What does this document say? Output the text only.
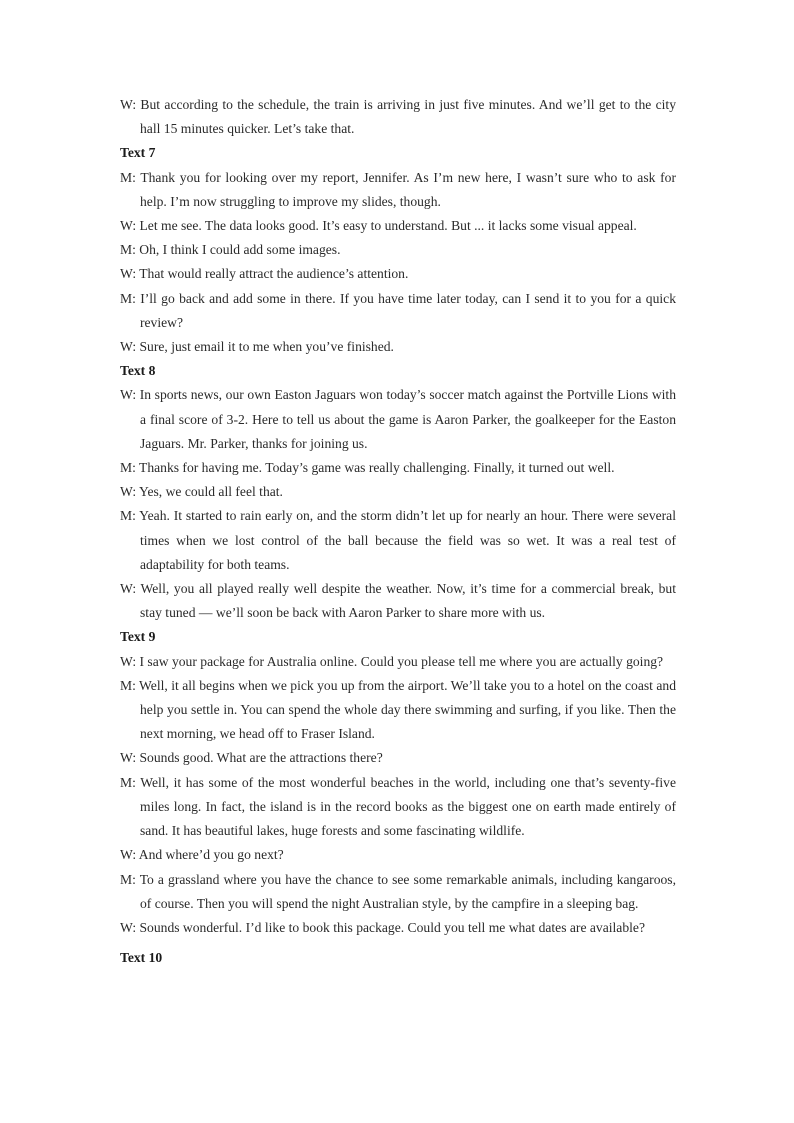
W: But according to the schedule, the train is arriving in just five minutes. And we’ll get to the city hall 15 minutes quicker. Let’s take that.

Text 7

M: Thank you for looking over my report, Jennifer. As I’m new here, I wasn’t sure who to ask for help. I’m now struggling to improve my slides, though.

W: Let me see. The data looks good. It’s easy to understand. But ... it lacks some visual appeal.

M: Oh, I think I could add some images.

W: That would really attract the audience’s attention.

M: I’ll go back and add some in there. If you have time later today, can I send it to you for a quick review?

W: Sure, just email it to me when you’ve finished.

Text 8

W: In sports news, our own Easton Jaguars won today’s soccer match against the Portville Lions with a final score of 3-2. Here to tell us about the game is Aaron Parker, the goalkeeper for the Easton Jaguars. Mr. Parker, thanks for joining us.

M: Thanks for having me. Today’s game was really challenging. Finally, it turned out well.

W: Yes, we could all feel that.

M: Yeah. It started to rain early on, and the storm didn’t let up for nearly an hour. There were several times when we lost control of the ball because the field was so wet. It was a real test of adaptability for both teams.

W: Well, you all played really well despite the weather. Now, it’s time for a commercial break, but stay tuned — we’ll soon be back with Aaron Parker to share more with us.

Text 9

W: I saw your package for Australia online. Could you please tell me where you are actually going?

M: Well, it all begins when we pick you up from the airport. We’ll take you to a hotel on the coast and help you settle in. You can spend the whole day there swimming and surfing, if you like. Then the next morning, we head off to Fraser Island.

W: Sounds good. What are the attractions there?

M: Well, it has some of the most wonderful beaches in the world, including one that’s seventy-five miles long. In fact, the island is in the record books as the biggest one on earth made entirely of sand. It has beautiful lakes, huge forests and some fascinating wildlife.

W: And where’d you go next?

M: To a grassland where you have the chance to see some remarkable animals, including kangaroos, of course. Then you will spend the night Australian style, by the campfire in a sleeping bag.

W: Sounds wonderful. I’d like to book this package. Could you tell me what dates are available?

Text 10
